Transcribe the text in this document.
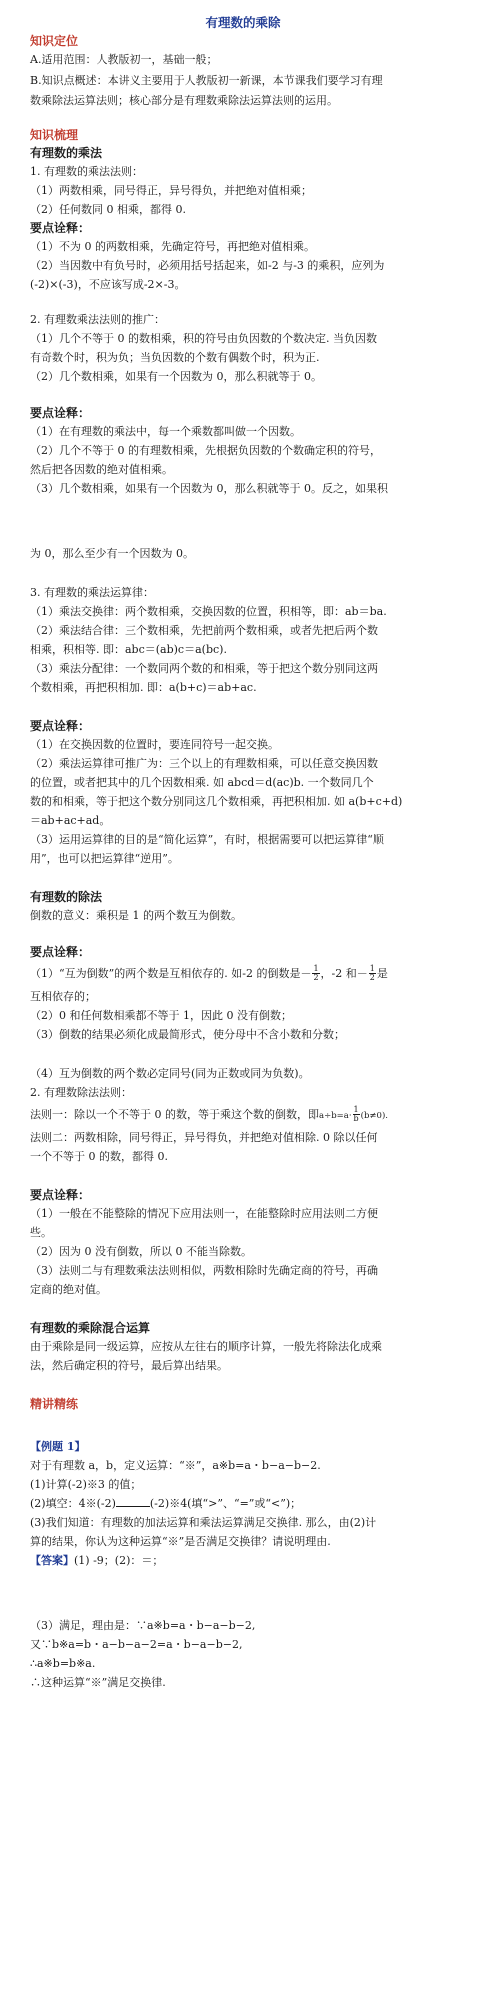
有理数的乘除
知识定位
A.适用范围：人教版初一，基础一般；
B.知识点概述：本讲义主要用于人教版初一新课，本节课我们要学习有理
数乘除法运算法则；核心部分是有理数乘除法运算法则的运用。
知识梳理
有理数的乘法
1. 有理数的乘法法则：
（1）两数相乘，同号得正，异号得负，并把绝对值相乘；
（2）任何数同 0 相乘，都得 0.
要点诠释：
（1）不为 0 的两数相乘，先确定符号，再把绝对值相乘。
（2）当因数中有负号时，必须用括号括起来，如-2 与-3 的乘积，应列为
(-2)×(-3)，不应该写成-2×-3。
2. 有理数乘法法则的推广：
（1）几个不等于 0 的数相乘，积的符号由负因数的个数决定. 当负因数
有奇数个时，积为负；当负因数的个数有偶数个时，积为正.
（2）几个数相乘，如果有一个因数为 0，那么积就等于 0。
要点诠释：
（1）在有理数的乘法中，每一个乘数都叫做一个因数。
（2）几个不等于 0 的有理数相乘，先根据负因数的个数确定积的符号，
然后把各因数的绝对值相乘。
（3）几个数相乘，如果有一个因数为 0，那么积就等于 0。反之，如果积
为 0，那么至少有一个因数为 0。
3. 有理数的乘法运算律：
（1）乘法交换律：两个数相乘，交换因数的位置，积相等，即：ab＝ba.
（2）乘法结合律：三个数相乘，先把前两个数相乘，或者先把后两个数
相乘，积相等. 即：abc＝(ab)c＝a(bc).
（3）乘法分配律：一个数同两个数的和相乘，等于把这个数分别同这两
个数相乘，再把积相加. 即：a(b+c)＝ab+ac.
要点诠释：
（1）在交换因数的位置时，要连同符号一起交换。
（2）乘法运算律可推广为：三个以上的有理数相乘，可以任意交换因数
的位置，或者把其中的几个因数相乘. 如 abcd＝d(ac)b. 一个数同几个
数的和相乘，等于把这个数分别同这几个数相乘，再把积相加. 如 a(b+c+d)
＝ab+ac+ad。
（3）运用运算律的目的是“简化运算”，有时，根据需要可以把运算律“顺
用”，也可以把运算律“逆用”。
有理数的除法
倒数的意义：乘积是 1 的两个数互为倒数。
要点诠释：
（1）“互为倒数”的两个数是互相依存的. 如-2 的倒数是－ $\frac{1}{2}$ ，-2 和－ $\frac{1}{2}$ 是
互相依存的；
（2）0 和任何数相乘都不等于 1，因此 0 没有倒数；
（3）倒数的结果必须化成最简形式，使分母中不含小数和分数；
（4）互为倒数的两个数必定同号(同为正数或同为负数)。
2. 有理数除法法则：
法则一：除以一个不等于 0 的数，等于乘这个数的倒数，即$a\div b=a\cdot \frac{1}{b} (b\ne 0)$.
法则二：两数相除，同号得正，异号得负，并把绝对值相除. 0 除以任何
一个不等于 0 的数，都得 0.
要点诠释：
（1）一般在不能整除的情况下应用法则一，在能整除时应用法则二方便
些。
（2）因为 0 没有倒数，所以 0 不能当除数。
（3）法则二与有理数乘法法则相似，两数相除时先确定商的符号，再确
定商的绝对值。
有理数的乘除混合运算
由于乘除是同一级运算，应按从左往右的顺序计算，一般先将除法化成乘
法，然后确定积的符号，最后算出结果。
精讲精练
【例题 1】
对于有理数 a，b，定义运算：“※”，a※b=a・b−a−b−2.
(1)计算(-2)※3 的值；
(2)填空：4※(-2)	(-2)※4(填“>”、“=”或“<”)；
(3)我们知道：有理数的加法运算和乘法运算满足交换律. 那么，由(2)计
算的结果，你认为这种运算“※”是否满足交换律？请说明理由.
【答案】(1) -9；(2)：＝；
（3）满足，理由是：∵a※b=a・b−a−b−2,
又∵b※a=b・a−b−a−2=a・b−a−b−2,
∴a※b=b※a.
∴这种运算“※”满足交换律.
